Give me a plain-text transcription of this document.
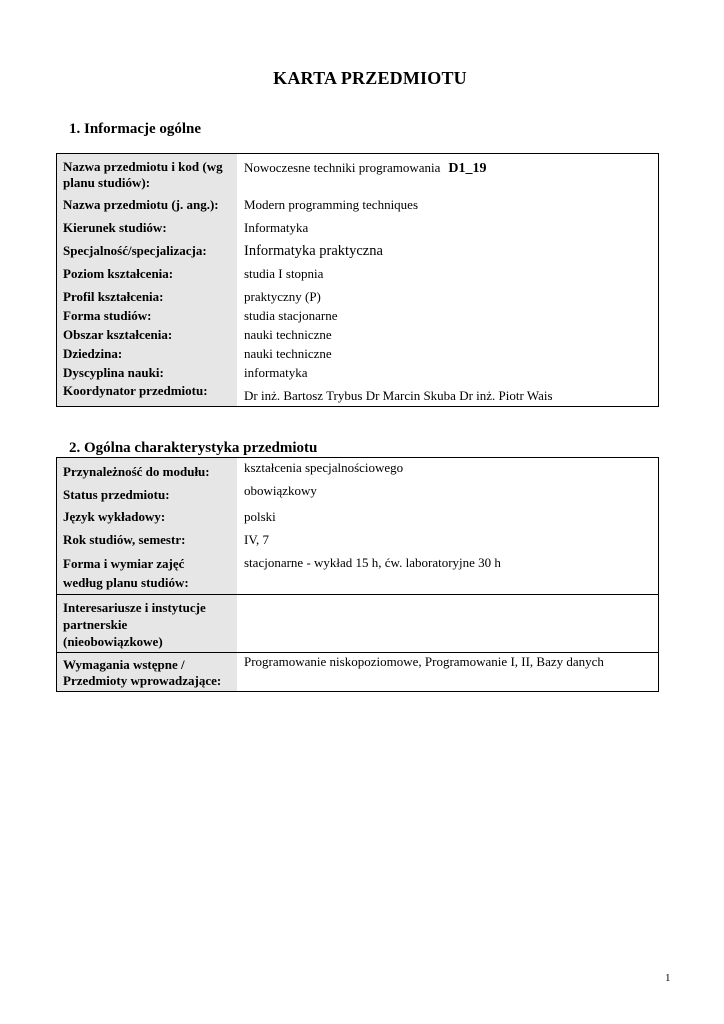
KARTA PRZEDMIOTU
1. Informacje ogólne
Nazwa przedmiotu i kod (wg planu studiów):
Nowoczesne techniki programowania D1_19
Nazwa przedmiotu (j. ang.):	Modern programming techniques
Kierunek studiów:	Informatyka
Specjalność/specjalizacja:	Informatyka praktyczna
Poziom kształcenia:	studia I stopnia
Profil kształcenia:	praktyczny (P)
Forma studiów:	studia stacjonarne
Obszar kształcenia:	nauki techniczne
Dziedzina:	nauki techniczne
Dyscyplina nauki:	informatyka
Koordynator przedmiotu:	Dr inż. Bartosz Trybus Dr Marcin Skuba Dr inż. Piotr Wais
2. Ogólna charakterystyka przedmiotu
Przynależność do modułu:	kształcenia specjalnościowego
Status przedmiotu:	obowiązkowy
Język wykładowy:	polski
Rok studiów, semestr:	IV, 7
Forma i wymiar zajęć według planu studiów:
stacjonarne - wykład 15 h, ćw. laboratoryjne 30 h
Interesariusze i instytucje partnerskie (nieobowiązkowe)
Wymagania wstępne / Przedmioty wprowadzające:
Programowanie niskopoziomowe, Programowanie I, II, Bazy danych
1
